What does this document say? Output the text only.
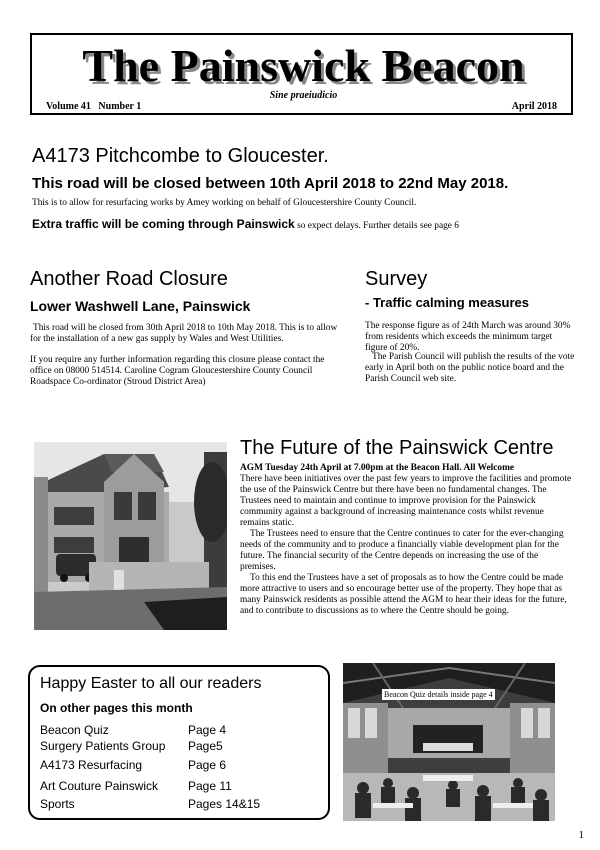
The Painswick Beacon
Sine praeiudicio
Volume 41   Number 1	April 2018
A4173 Pitchcombe to Gloucester.
This road will be closed between 10th April 2018 to 22nd May 2018.
This is to allow for resurfacing works by Amey working on behalf of Gloucestershire County Council.
Extra traffic will be coming through Painswick so expect delays. Further details see page 6
Another Road Closure
Lower Washwell Lane, Painswick
This road will be closed from 30th April 2018 to 10th May 2018. This is to allow for the installation of a new gas supply by Wales and West Utilities.
If you require any further information regarding this closure please contact the office on 08000 514514. Caroline Cogram Gloucestershire County Council Roadspace Co-ordinator (Stroud District Area)
Survey
- Traffic calming measures
The response figure as of 24th March was around 30% from residents which exceeds the minimum target figure of 20%.
The Parish Council will publish the results of the vote early in April both on the public notice board and the Parish Council web site.
The Future of the Painswick Centre

AGM Tuesday 24th April at 7.00pm at the Beacon Hall. All Welcome

There have been initiatives over the past few years to improve the facilities and promote the use of the Painswick Centre but there have been no fundamental changes. The Trustees need to maintain and continue to improve provision for the Painswick community against a background of increasing maintenance costs whilst revenue remains static.

The Trustees need to ensure that the Centre continues to cater for the ever-changing needs of the community and to produce a financially viable development plan for the future. The financial security of the Centre depends on increasing the use of the premises.

To this end the Trustees have a set of proposals as to how the Centre could be made more attractive to users and so encourage better use of the property. They hope that as many Painswick residents as possible attend the AGM to hear their ideas for the future, and to contribute to discussions as to where the Centre should be going.

Happy Easter to all our readers
On other pages this month
Beacon Quiz	Page 4
Surgery Patients Group Page5
A4173 Resurfacing	Page 6
Art Couture Painswick Page 11
Sports	Pages 14&15
Beacon Quiz details inside page 4
1
